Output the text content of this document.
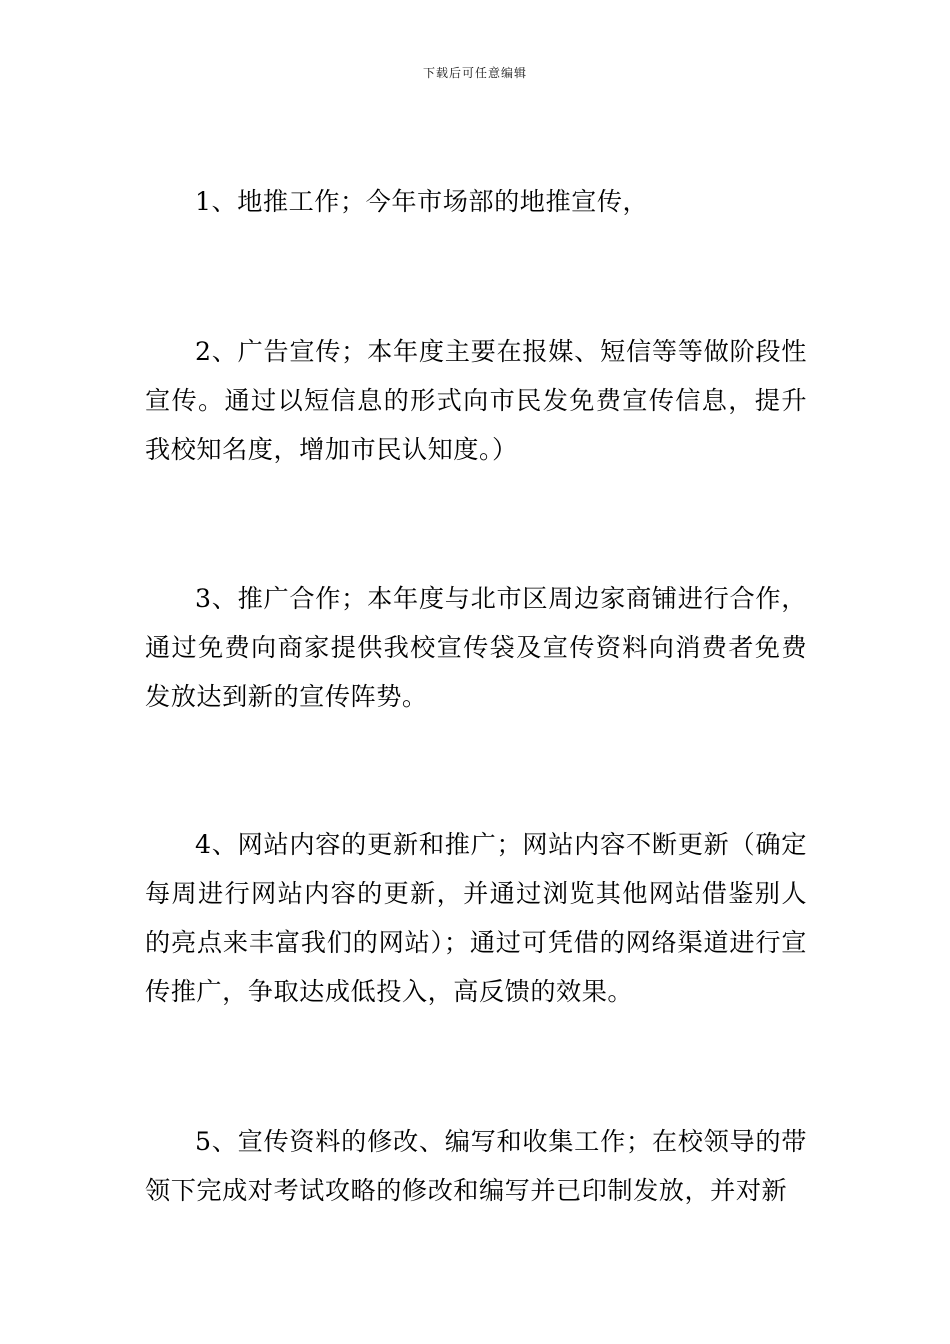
下载后可任意编辑

1、地推工作；今年市场部的地推宣传，

2、广告宣传；本年度主要在报媒、短信等等做阶段性宣传。通过以短信息的形式向市民发免费宣传信息，提升我校知名度，增加市民认知度。）

3、推广合作；本年度与北市区周边家商铺进行合作，通过免费向商家提供我校宣传袋及宣传资料向消费者免费发放达到新的宣传阵势。

4、网站内容的更新和推广；网站内容不断更新（确定每周进行网站内容的更新，并通过浏览其他网站借鉴别人的亮点来丰富我们的网站）；通过可凭借的网络渠道进行宣传推广，争取达成低投入，高反馈的效果。

5、宣传资料的修改、编写和收集工作；在校领导的带领下完成对考试攻略的修改和编写并已印制发放，并对新
